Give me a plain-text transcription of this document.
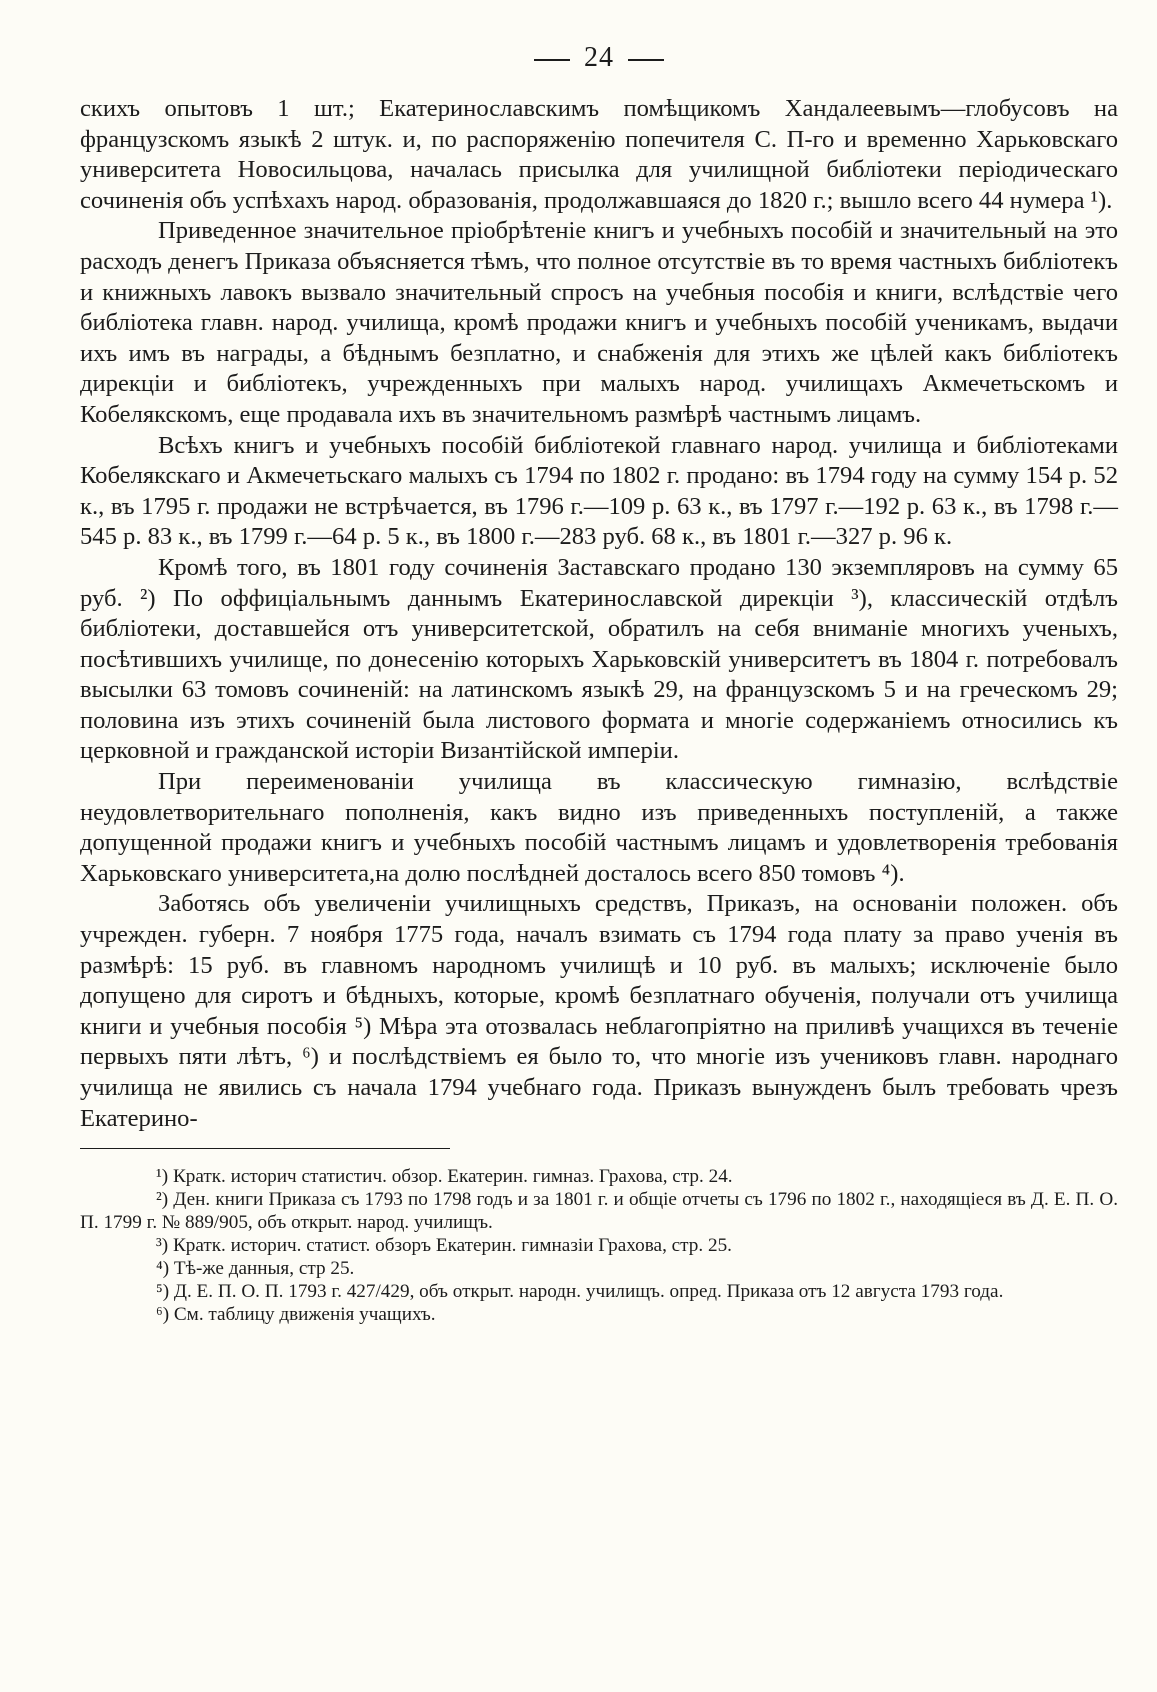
24

скихъ опытовъ 1 шт.; Екатеринославскимъ помѣщикомъ Хандалеевымъ—глобусовъ на французскомъ языкѣ 2 штук. и, по распоряженію попечителя С. П-го и временно Харьковскаго университета Новосильцова, началась присылка для училищной библіотеки періодическаго сочиненія объ успѣхахъ народ. образованія, продолжавшаяся до 1820 г.; вышло всего 44 нумера ¹).

Приведенное значительное пріобрѣтеніе книгъ и учебныхъ пособій и значительный на это расходъ денегъ Приказа объясняется тѣмъ, что полное отсутствіе въ то время частныхъ библіотекъ и книжныхъ лавокъ вызвало значительный спросъ на учебныя пособія и книги, вслѣдствіе чего библіотека главн. народ. училища, кромѣ продажи книгъ и учебныхъ пособій ученикамъ, выдачи ихъ имъ въ награды, а бѣднымъ безплатно, и снабженія для этихъ же цѣлей какъ библіотекъ дирекціи и библіотекъ, учрежденныхъ при малыхъ народ. училищахъ Акмечетьскомъ и Кобелякскомъ, еще продавала ихъ въ значительномъ размѣрѣ частнымъ лицамъ.

Всѣхъ книгъ и учебныхъ пособій библіотекой главнаго народ. училища и библіотеками Кобелякскаго и Акмечетьскаго малыхъ съ 1794 по 1802 г. продано: въ 1794 году на сумму 154 р. 52 к., въ 1795 г. продажи не встрѣчается, въ 1796 г.—109 р. 63 к., въ 1797 г.—192 р. 63 к., въ 1798 г.—545 р. 83 к., въ 1799 г.—64 р. 5 к., въ 1800 г.—283 руб. 68 к., въ 1801 г.—327 р. 96 к.

Кромѣ того, въ 1801 году сочиненія Заставскаго продано 130 экземпляровъ на сумму 65 руб. ²) По оффиціальнымъ даннымъ Екатеринославской дирекціи ³), классическій отдѣлъ библіотеки, доставшейся отъ университетской, обратилъ на себя вниманіе многихъ ученыхъ, посѣтившихъ училище, по донесенію которыхъ Харьковскій университетъ въ 1804 г. потребовалъ высылки 63 томовъ сочиненій: на латинскомъ языкѣ 29, на французскомъ 5 и на греческомъ 29; половина изъ этихъ сочиненій была листового формата и многіе содержаніемъ относились къ церковной и гражданской исторіи Византійской имперіи.

При переименованіи училища въ классическую гимназію, вслѣдствіе неудовлетворительнаго пополненія, какъ видно изъ приведенныхъ поступленій, а также допущенной продажи книгъ и учебныхъ пособій частнымъ лицамъ и удовлетворенія требованія Харьковскаго университета,на долю послѣдней досталось всего 850 томовъ ⁴).

Заботясь объ увеличеніи училищныхъ средствъ, Приказъ, на основаніи положен. объ учрежден. губерн. 7 ноября 1775 года, началъ взимать съ 1794 года плату за право ученія въ размѣрѣ: 15 руб. въ главномъ народномъ училищѣ и 10 руб. въ малыхъ; исключеніе было допущено для сиротъ и бѣдныхъ, которые, кромѣ безплатнаго обученія, получали отъ училища книги и учебныя пособія ⁵) Мѣра эта отозвалась неблагопріятно на приливѣ учащихся въ теченіе первыхъ пяти лѣтъ, ⁶) и послѣдствіемъ ея было то, что многіе изъ учениковъ главн. народнаго училища не явились съ начала 1794 учебнаго года. Приказъ вынужденъ былъ требовать чрезъ Екатерино-

¹) Кратк. историч статистич. обзор. Екатерин. гимназ. Грахова, стр. 24.

²) Ден. книги Приказа съ 1793 по 1798 годъ и за 1801 г. и общіе отчеты съ 1796 по 1802 г., находящіеся въ Д. Е. П. О. П. 1799 г. № 889/905, объ открыт. народ. училищъ.

³) Кратк. историч. статист. обзоръ Екатерин. гимназіи Грахова, стр. 25.

⁴) Тѣ-же данныя, стр 25.

⁵) Д. Е. П. О. П. 1793 г. 427/429, объ открыт. народн. училищъ. опред. Приказа отъ 12 августа 1793 года.

⁶) См. таблицу движенія учащихъ.
